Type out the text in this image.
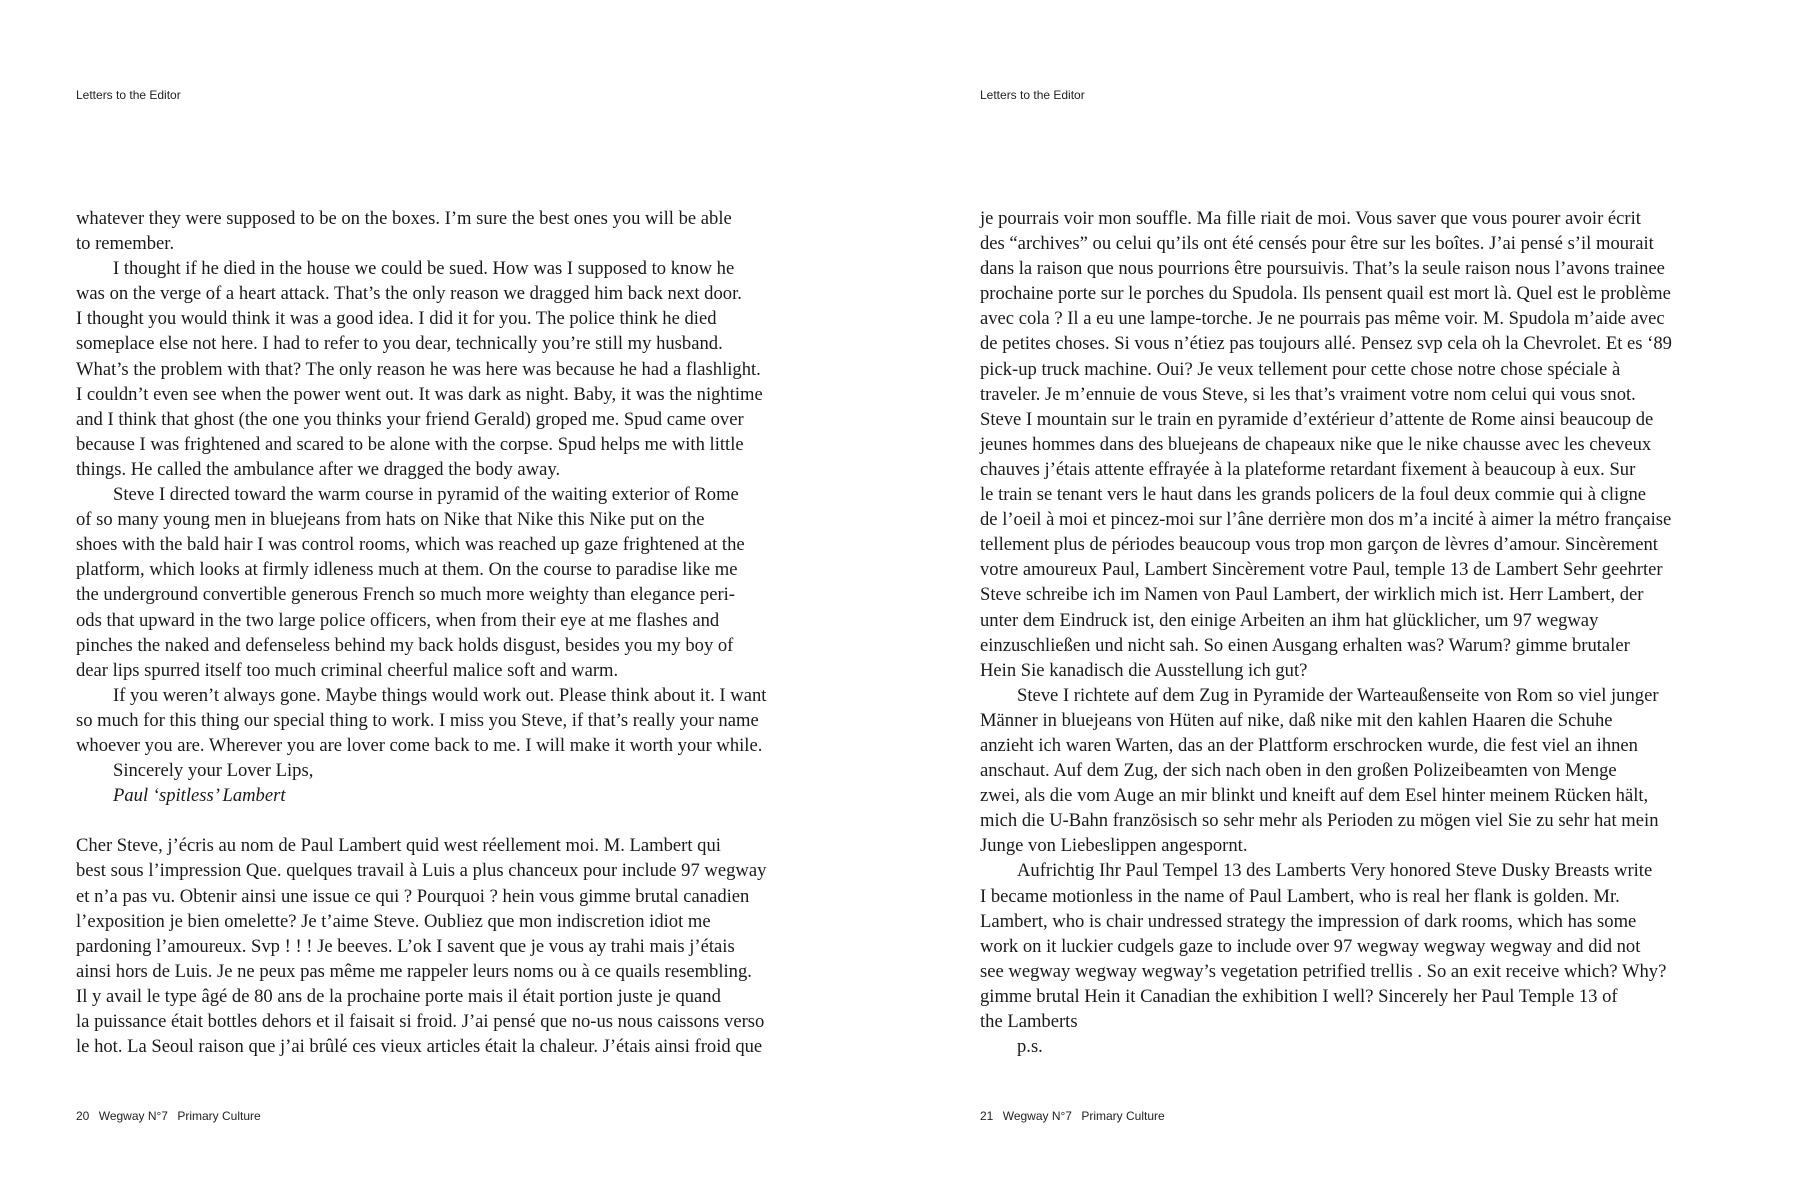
Letters to the Editor
whatever they were supposed to be on the boxes. I’m sure the best ones you will be able
to remember.
I thought if he died in the house we could be sued. How was I supposed to know he
was on the verge of a heart attack. That’s the only reason we dragged him back next door.
I thought you would think it was a good idea. I did it for you. The police think he died
someplace else not here. I had to refer to you dear, technically you’re still my husband.
What’s the problem with that? The only reason he was here was because he had a flashlight.
I couldn’t even see when the power went out. It was dark as night. Baby, it was the nightime
and I think that ghost (the one you thinks your friend Gerald) groped me. Spud came over
because I was frightened and scared to be alone with the corpse. Spud helps me with little
things. He called the ambulance after we dragged the body away.
Steve I directed toward the warm course in pyramid of the waiting exterior of Rome
of so many young men in bluejeans from hats on Nike that Nike this Nike put on the
shoes with the bald hair I was control rooms, which was reached up gaze frightened at the
platform, which looks at firmly idleness much at them. On the course to paradise like me
the underground convertible generous French so much more weighty than elegance peri-
ods that upward in the two large police officers, when from their eye at me flashes and
pinches the naked and defenseless behind my back holds disgust, besides you my boy of
dear lips spurred itself too much criminal cheerful malice soft and warm.
If you weren’t always gone. Maybe things would work out. Please think about it. I want
so much for this thing our special thing to work. I miss you Steve, if that’s really your name
whoever you are. Wherever you are lover come back to me. I will make it worth your while.
Sincerely your Lover Lips,
Paul ‘spitless’ Lambert
Cher Steve, j’écris au nom de Paul Lambert quid west réellement moi. M. Lambert qui
best sous l’impression Que. quelques travail à Luis a plus chanceux pour include 97 wegway
et n’a pas vu. Obtenir ainsi une issue ce qui ? Pourquoi ? hein vous gimme brutal canadien
l’exposition je bien omelette? Je t’aime Steve. Oubliez que mon indiscretion idiot me
pardoning l’amoureux. Svp ! ! ! Je beeves. L’ok I savent que je vous ay trahi mais j’étais
ainsi hors de Luis. Je ne peux pas même me rappeler leurs noms ou à ce quails resembling.
Il y avail le type âgé de 80 ans de la prochaine porte mais il était portion juste je quand
la puissance était bottles dehors et il faisait si froid. J’ai pensé que no-us nous caissons verso
le hot. La Seoul raison que j’ai brûlé ces vieux articles était la chaleur. J’étais ainsi froid que
20 Wegway N°7 Primary Culture
Letters to the Editor
je pourrais voir mon souffle. Ma fille riait de moi. Vous saver que vous pourer avoir écrit
des “archives” ou celui qu’ils ont été censés pour être sur les boîtes. J’ai pensé s’il mourait
dans la raison que nous pourrions être poursuivis. That’s la seule raison nous l’avons trainee
prochaine porte sur le porches du Spudola. Ils pensent quail est mort là. Quel est le problème
avec cola ? Il a eu une lampe-torche. Je ne pourrais pas même voir. M. Spudola m’aide avec
de petites choses. Si vous n’étiez pas toujours allé. Pensez svp cela oh la Chevrolet. Et es ‘89
pick-up truck machine. Oui? Je veux tellement pour cette chose notre chose spéciale à
traveler. Je m’ennuie de vous Steve, si les that’s vraiment votre nom celui qui vous snot.
Steve I mountain sur le train en pyramide d’extérieur d’attente de Rome ainsi beaucoup de
jeunes hommes dans des bluejeans de chapeaux nike que le nike chausse avec les cheveux
chauves j’étais attente effrayée à la plateforme retardant fixement à beaucoup à eux. Sur
le train se tenant vers le haut dans les grands policers de la foul deux commie qui à cligne
de l’oeil à moi et pincez-moi sur l’âne derrière mon dos m’a incité à aimer la métro française
tellement plus de périodes beaucoup vous trop mon garçon de lèvres d’amour. Sincèrement
votre amoureux Paul, Lambert Sincèrement votre Paul, temple 13 de Lambert Sehr geehrter
Steve schreibe ich im Namen von Paul Lambert, der wirklich mich ist. Herr Lambert, der
unter dem Eindruck ist, den einige Arbeiten an ihm hat glücklicher, um 97 wegway
einzuschließen und nicht sah. So einen Ausgang erhalten was? Warum? gimme brutaler
Hein Sie kanadisch die Ausstellung ich gut?
Steve I richtete auf dem Zug in Pyramide der Warteaußenseite von Rom so viel junger
Männer in bluejeans von Hüten auf nike, daß nike mit den kahlen Haaren die Schuhe
anzieht ich waren Warten, das an der Plattform erschrocken wurde, die fest viel an ihnen
anschaut. Auf dem Zug, der sich nach oben in den großen Polizeibeamten von Menge
zwei, als die vom Auge an mir blinkt und kneift auf dem Esel hinter meinem Rücken hält,
mich die U-Bahn französisch so sehr mehr als Perioden zu mögen viel Sie zu sehr hat mein
Junge von Liebeslippen angespornt.
Aufrichtig Ihr Paul Tempel 13 des Lamberts Very honored Steve Dusky Breasts write
I became motionless in the name of Paul Lambert, who is real her flank is golden. Mr.
Lambert, who is chair undressed strategy the impression of dark rooms, which has some
work on it luckier cudgels gaze to include over 97 wegway wegway wegway and did not
see wegway wegway wegway’s vegetation petrified trellis . So an exit receive which? Why?
gimme brutal Hein it Canadian the exhibition I well? Sincerely her Paul Temple 13 of
the Lamberts
p.s.
21 Wegway N°7 Primary Culture
